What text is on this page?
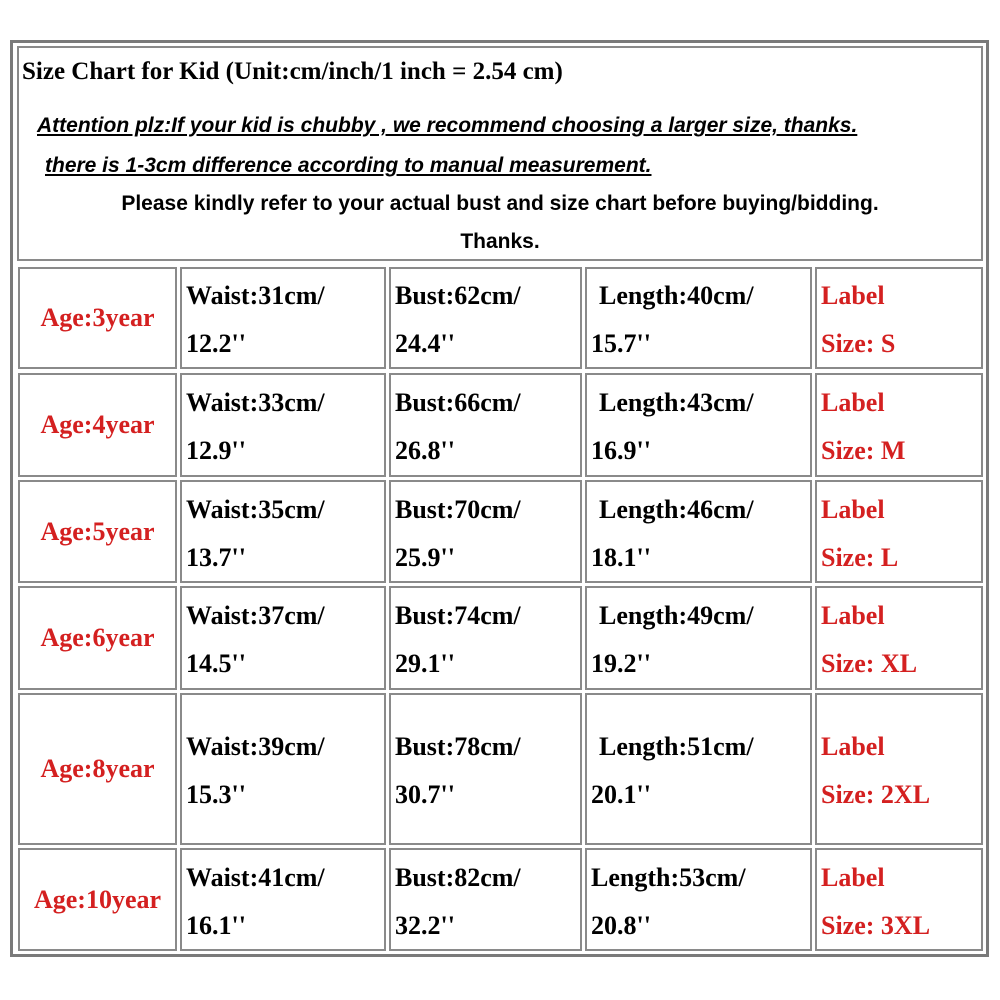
Size Chart for Kid (Unit:cm/inch/1 inch = 2.54 cm)
Attention plz:If your kid is chubby , we recommend choosing a larger size, thanks.
there is 1-3cm difference according to manual measurement.
Please kindly refer to your actual bust and size chart before buying/bidding.
Thanks.
Age:3year
Waist:31cm/
12.2''
Bust:62cm/
24.4''
Length:40cm/
15.7''
Label
Size: S
Age:4year
Waist:33cm/
12.9''
Bust:66cm/
26.8''
Length:43cm/
16.9''
Label
Size: M
Age:5year
Waist:35cm/
13.7''
Bust:70cm/
25.9''
Length:46cm/
18.1''
Label
Size: L
Age:6year
Waist:37cm/
14.5''
Bust:74cm/
29.1''
Length:49cm/
19.2''
Label
Size: XL
Age:8year
Waist:39cm/
15.3''
Bust:78cm/
30.7''
Length:51cm/
20.1''
Label
Size: 2XL
Age:10year
Waist:41cm/
16.1''
Bust:82cm/
32.2''
Length:53cm/
20.8''
Label
Size: 3XL
